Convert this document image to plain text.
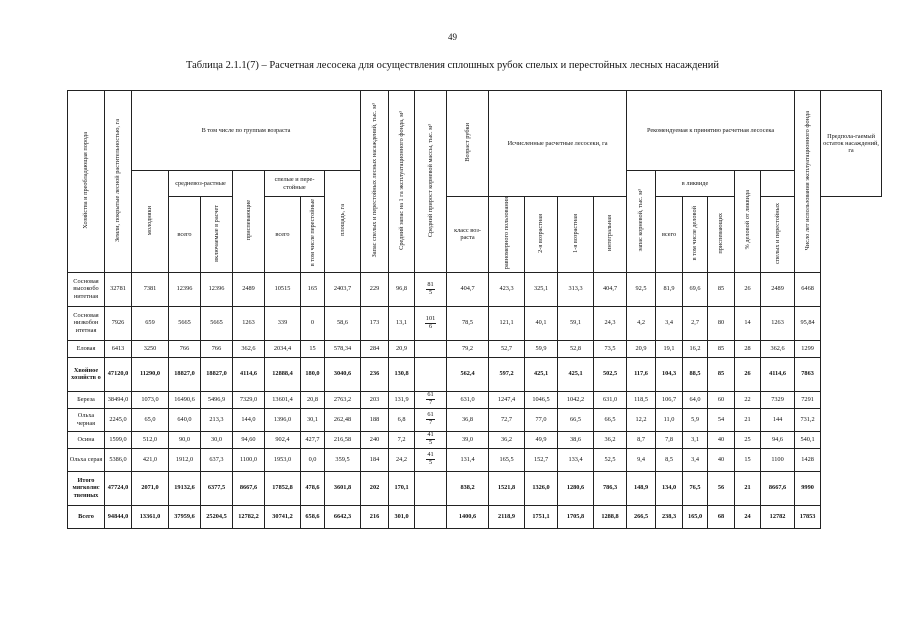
49
Таблица 2.1.1(7) – Расчетная лесосека для осуществления сплошных рубок спелых и перестойных лесных насаждений
Хозяйства и преобладающая порода	Земли, покрытые лесной растительностью, га	В том числе по группам возраста							Запас спелых и перестойных лесных насаждений, тыс. м³	Средний запас на 1 га эксплуатационного фонда, м³	Средний прирост корневой массы, тыс. м³	Возраст рубки	Исчисленные расчетные лесосеки, га				Рекомендуемая к принятию расчетная лесосека						Число лет использования эксплуатационного фонда	Предпола-гаемый остаток насаждений, га
		молодняки	средневоз-растные		приспевающие	спелые и пере-стойные		площадь, га									запас корневой, тыс. м³	в ликвиде			% деловой от ликвида			
			всего	включаемые в расчет		всего	в том числе перестойные					класс воз-раста	равномерного пользования	2-я возрастная	1-я возрастная	интегральная		всего	в том числе деловой	приспевающих		спелых и перестойных		
Сосновая высокобо нитетная	32781	7381	12396	12396	2489	10515	165	2403,7	229	96,8	$\frac{81}{5}$	404,7	423,3	325,1	313,3	404,7	92,5	81,9	69,6	85	26	2489	6468	
Сосновая низкобон итетная	7926	659	5665	5665	1263	339	0	58,6	173	13,1	$\frac{101}{6}$	78,5	121,1	40,1	59,1	24,3	4,2	3,4	2,7	80	14	1263	95,84	
Еловая	6413	3250	766	766	362,6	2034,4	15	578,34	284	20,9		79,2	52,7	59,9	52,8	73,5	20,9	19,1	16,2	85	28	362,6	1299	
Хвойное хозяйств о	47120,0	11290,0	18827,0	18827,0	4114,6	12888,4	180,0	3040,6	236	130,8		562,4	597,2	425,1	425,1	502,5	117,6	104,3	88,5	85	26	4114,6	7863	
Береза	38494,0	1073,0	16490,6	5496,9	7329,0	13601,4	20,8	2763,2	203	131,9	$\frac{61}{7}$	631,0	1247,4	1046,5	1042,2	631,0	118,5	106,7	64,0	60	22	7329	7291	
Ольха черная	2245,0	65,0	640,0	213,3	144,0	1396,0	30,1	262,48	188	6,8	$\frac{61}{7}$	36,8	72,7	77,0	66,5	66,5	12,2	11,0	5,9	54	21	144	731,2	
Осина	1599,0	512,0	90,0	30,0	94,60	902,4	427,7	216,58	240	7,2	$\frac{41}{5}$	39,0	36,2	49,9	38,6	36,2	8,7	7,8	3,1	40	25	94,6	540,1	
Ольха серая	5386,0	421,0	1912,0	637,3	1100,0	1953,0	0,0	359,5	184	24,2	$\frac{41}{5}$	131,4	165,5	152,7	133,4	52,5	9,4	8,5	3,4	40	15	1100	1428	
Итого мягколис твенных	47724,0	2071,0	19132,6	6377,5	8667,6	17852,8	478,6	3601,8	202	170,1		838,2	1521,8	1326,0	1280,6	786,3	148,9	134,0	76,5	56	21	8667,6	9990	
Всего	94844,0	13361,0	37959,6	25204,5	12782,2	30741,2	658,6	6642,3	216	301,0		1400,6	2118,9	1751,1	1705,8	1288,8	266,5	238,3	165,0	68	24	12782	17853	
